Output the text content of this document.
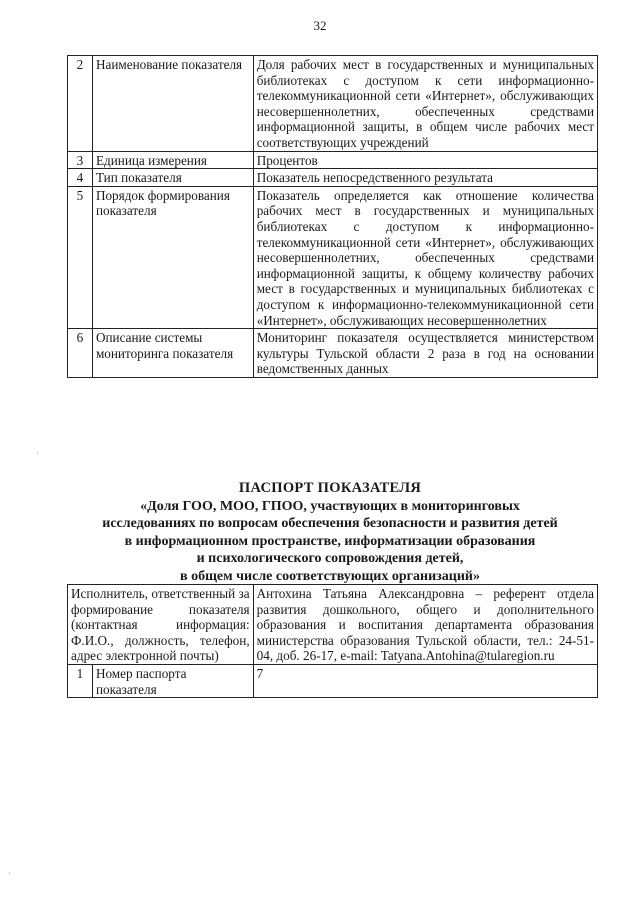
32
2	Наименование показателя	Доля рабочих мест в государственных и муниципальных библиотеках с доступом к сети информационно-телекоммуникационной сети «Интернет», обслуживающих несовершеннолетних, обеспеченных средствами информационной защиты, в общем числе рабочих мест соответствующих учреждений
3	Единица измерения	Процентов
4	Тип показателя	Показатель непосредственного результата
5	Порядок формирования показателя	Показатель определяется как отношение количества рабочих мест в государственных и муниципальных библиотеках с доступом к информационно-телекоммуникационной сети «Интернет», обслуживающих несовершеннолетних, обеспеченных средствами информационной защиты, к общему количеству рабочих мест в государственных и муниципальных библиотеках с доступом к информационно-телекоммуникационной сети «Интернет», обслуживающих несовершеннолетних
6	Описание системы мониторинга показателя	Мониторинг показателя осуществляется министерством культуры Тульской области 2 раза в год на основании ведомственных данных
ПАСПОРТ ПОКАЗАТЕЛЯ
«Доля ГОО, МОО, ГПОО, участвующих в мониторинговых
исследованиях по вопросам обеспечения безопасности и развития детей
в информационном пространстве, информатизации образования
и психологического сопровождения детей,
в общем числе соответствующих организаций»
Исполнитель, ответственный за формирование показателя (контактная информация: Ф.И.О., должность, телефон, адрес электронной почты)		Антохина Татьяна Александровна – референт отдела развития дошкольного, общего и дополнительного образования и воспитания департамента образования министерства образования Тульской области, тел.: 24-51-04, доб. 26-17, e-mail: Tatyana.Antohina@tularegion.ru
1	Номер паспорта показателя	7
·
·
